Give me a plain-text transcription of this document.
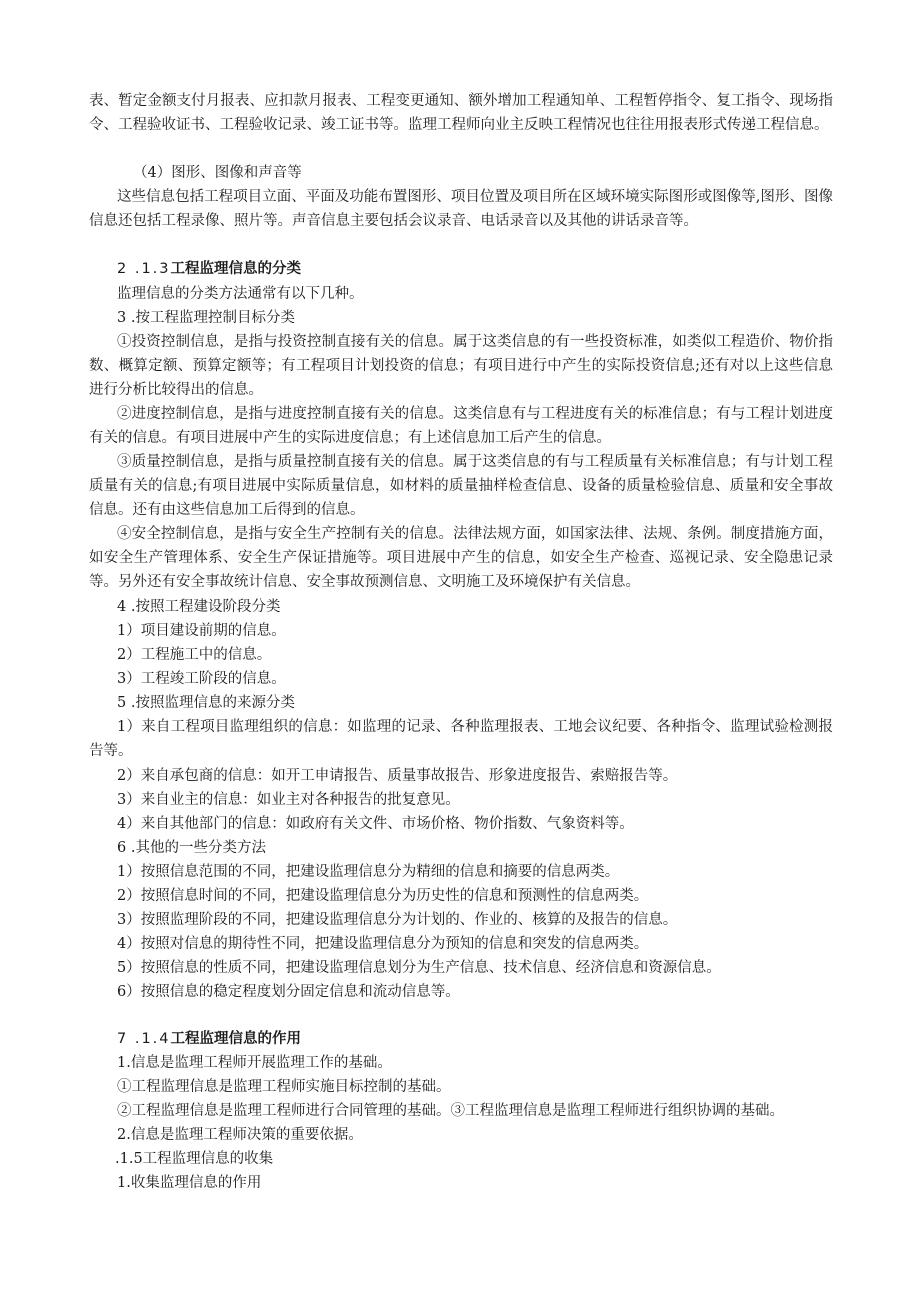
表、暂定金额支付月报表、应扣款月报表、工程变更通知、额外增加工程通知单、工程暂停指令、复工指令、现场指令、工程验收证书、工程验收记录、竣工证书等。监理工程师向业主反映工程情况也往往用报表形式传递工程信息。

（4）图形、图像和声音等

这些信息包括工程项目立面、平面及功能布置图形、项目位置及项目所在区域环境实际图形或图像等,图形、图像信息还包括工程录像、照片等。声音信息主要包括会议录音、电话录音以及其他的讲话录音等。

2 .1.3工程监理信息的分类

监理信息的分类方法通常有以下几种。

3 .按工程监理控制目标分类

①投资控制信息，是指与投资控制直接有关的信息。属于这类信息的有一些投资标准，如类似工程造价、物价指数、概算定额、预算定额等；有工程项目计划投资的信息；有项目进行中产生的实际投资信息;还有对以上这些信息进行分析比较得出的信息。

②进度控制信息，是指与进度控制直接有关的信息。这类信息有与工程进度有关的标准信息；有与工程计划进度有关的信息。有项目进展中产生的实际进度信息；有上述信息加工后产生的信息。

③质量控制信息，是指与质量控制直接有关的信息。属于这类信息的有与工程质量有关标准信息；有与计划工程质量有关的信息;有项目进展中实际质量信息，如材料的质量抽样检查信息、设备的质量检验信息、质量和安全事故信息。还有由这些信息加工后得到的信息。

④安全控制信息，是指与安全生产控制有关的信息。法律法规方面，如国家法律、法规、条例。制度措施方面，如安全生产管理体系、安全生产保证措施等。项目进展中产生的信息，如安全生产检查、巡视记录、安全隐患记录等。另外还有安全事故统计信息、安全事故预测信息、文明施工及环境保护有关信息。

4 .按照工程建设阶段分类

1）项目建设前期的信息。

2）工程施工中的信息。

3）工程竣工阶段的信息。

5 .按照监理信息的来源分类

1）来自工程项目监理组织的信息：如监理的记录、各种监理报表、工地会议纪要、各种指令、监理试验检测报告等。

2）来自承包商的信息：如开工申请报告、质量事故报告、形象进度报告、索赔报告等。

3）来自业主的信息：如业主对各种报告的批复意见。

4）来自其他部门的信息：如政府有关文件、市场价格、物价指数、气象资料等。

6 .其他的一些分类方法

1）按照信息范围的不同，把建设监理信息分为精细的信息和摘要的信息两类。

2）按照信息时间的不同，把建设监理信息分为历史性的信息和预测性的信息两类。

3）按照监理阶段的不同，把建设监理信息分为计划的、作业的、核算的及报告的信息。

4）按照对信息的期待性不同，把建设监理信息分为预知的信息和突发的信息两类。

5）按照信息的性质不同，把建设监理信息划分为生产信息、技术信息、经济信息和资源信息。

6）按照信息的稳定程度划分固定信息和流动信息等。

7 .1.4工程监理信息的作用

1.信息是监理工程师开展监理工作的基础。

①工程监理信息是监理工程师实施目标控制的基础。

②工程监理信息是监理工程师进行合同管理的基础。③工程监理信息是监理工程师进行组织协调的基础。

2.信息是监理工程师决策的重要依据。

.1.5工程监理信息的收集

1.收集监理信息的作用
